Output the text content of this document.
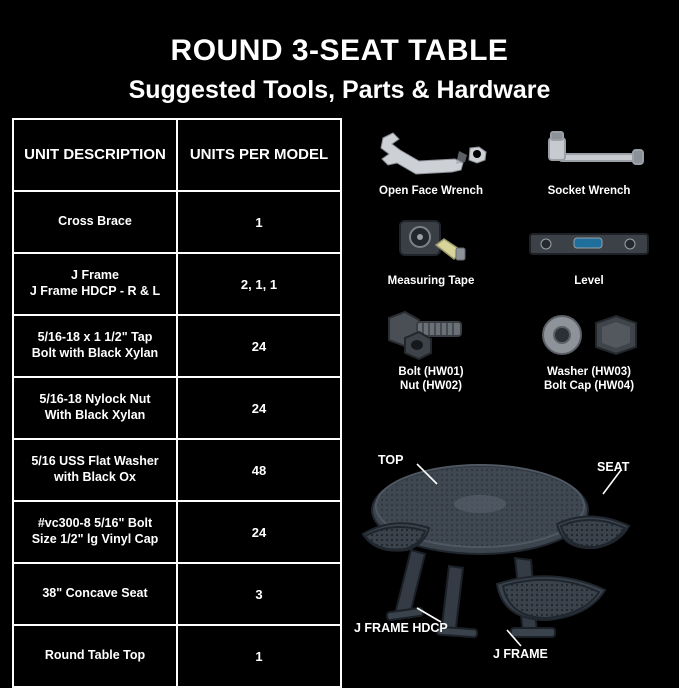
ROUND 3-SEAT TABLE
Suggested Tools, Parts & Hardware
UNIT DESCRIPTION	UNITS PER MODEL
Cross Brace	1
J Frame
J Frame HDCP - R & L	2, 1, 1
5/16-18 x 1 1/2" Tap
Bolt with Black Xylan	24
5/16-18 Nylock Nut
With Black Xylan	24
5/16 USS Flat Washer
with Black Ox	48
#vc300-8 5/16" Bolt
Size 1/2" lg Vinyl Cap	24
38" Concave Seat	3
Round Table Top	1
Open Face Wrench	Socket Wrench
Measuring Tape	Level
Bolt (HW01)
Nut (HW02)
Washer (HW03)
Bolt Cap (HW04)
TOP	SEAT
J FRAME HDCP
J FRAME
